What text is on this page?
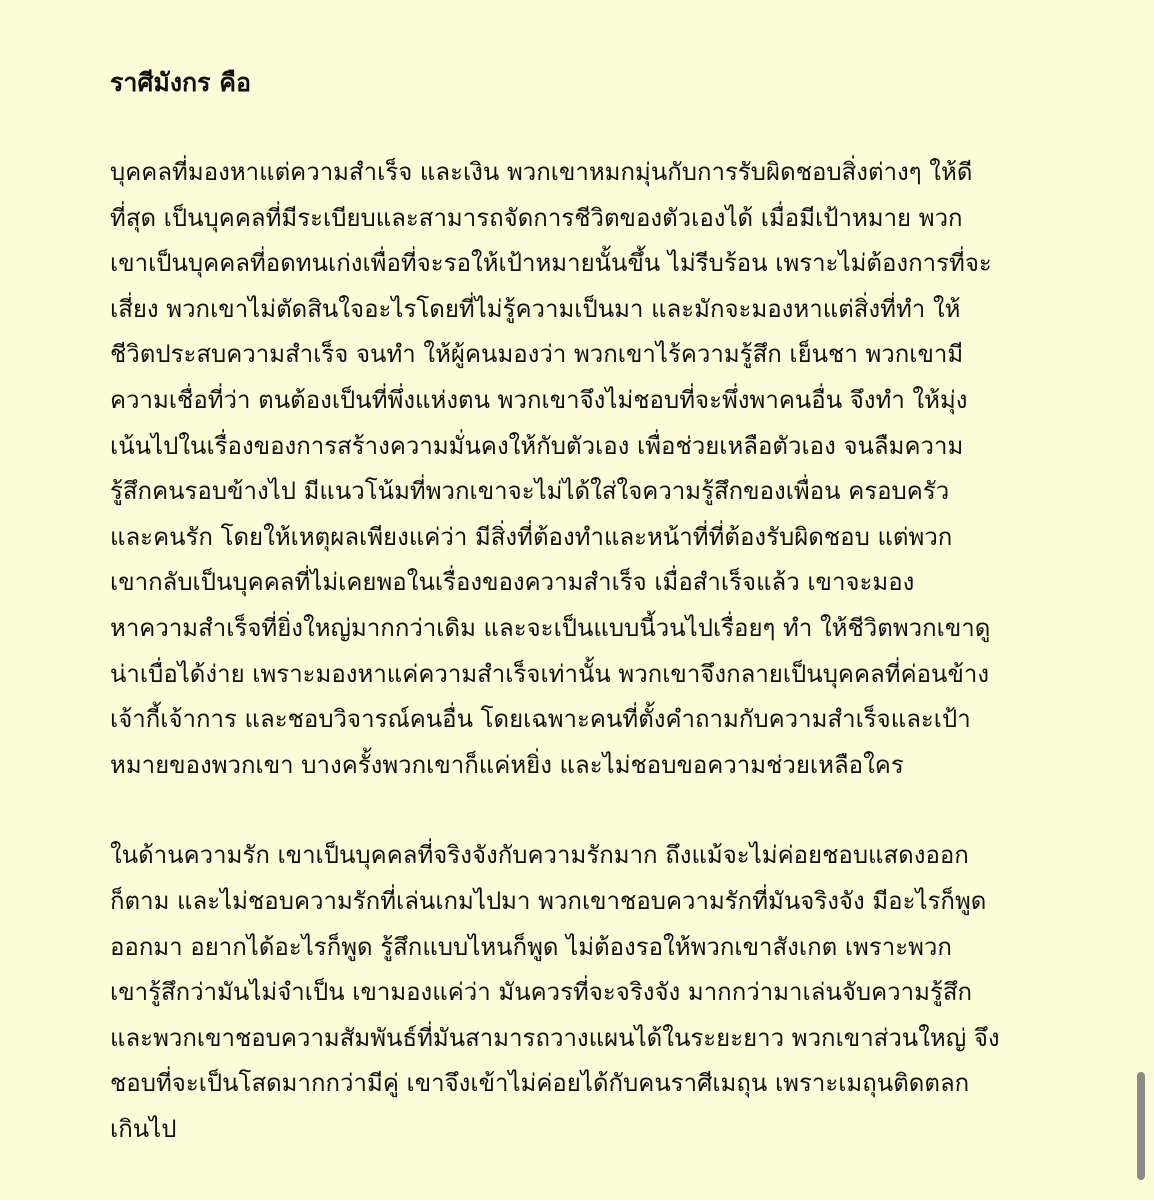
ราศีมังกร คือ

บุคคลที่มองหาแต่ความสำเร็จ และเงิน พวกเขาหมกมุ่นกับการรับผิดชอบสิ่งต่างๆ ให้ดี
ที่สุด เป็นบุคคลที่มีระเบียบและสามารถจัดการชีวิตของตัวเองได้ เมื่อมีเป้าหมาย พวก
เขาเป็นบุคคลที่อดทนเก่งเพื่อที่จะรอให้เป้าหมายนั้นขึ้น ไม่รีบร้อน เพราะไม่ต้องการที่จะ
เสี่ยง พวกเขาไม่ตัดสินใจอะไรโดยที่ไม่รู้ความเป็นมา และมักจะมองหาแต่สิ่งที่ทำ ให้
ชีวิตประสบความสำเร็จ จนทำ ให้ผู้คนมองว่า พวกเขาไร้ความรู้สึก เย็นชา พวกเขามี
ความเชื่อที่ว่า ตนต้องเป็นที่พึ่งแห่งตน พวกเขาจึงไม่ชอบที่จะพึ่งพาคนอื่น จึงทำ ให้มุ่ง
เน้นไปในเรื่องของการสร้างความมั่นคงให้กับตัวเอง เพื่อช่วยเหลือตัวเอง จนลืมความ
รู้สึกคนรอบข้างไป มีแนวโน้มที่พวกเขาจะไม่ได้ใส่ใจความรู้สึกของเพื่อน ครอบครัว
และคนรัก โดยให้เหตุผลเพียงแค่ว่า มีสิ่งที่ต้องทำและหน้าที่ที่ต้องรับผิดชอบ แต่พวก
เขากลับเป็นบุคคลที่ไม่เคยพอในเรื่องของความสำเร็จ เมื่อสำเร็จแล้ว เขาจะมอง
หาความสำเร็จที่ยิ่งใหญ่มากกว่าเดิม และจะเป็นแบบนี้วนไปเรื่อยๆ ทำ ให้ชีวิตพวกเขาดู
น่าเบื่อได้ง่าย เพราะมองหาแค่ความสำเร็จเท่านั้น พวกเขาจึงกลายเป็นบุคคลที่ค่อนข้าง
เจ้ากี้เจ้าการ และชอบวิจารณ์คนอื่น โดยเฉพาะคนที่ตั้งคำถามกับความสำเร็จและเป้า
หมายของพวกเขา บางครั้งพวกเขาก็แค่หยิ่ง และไม่ชอบขอความช่วยเหลือใคร

ในด้านความรัก เขาเป็นบุคคลที่จริงจังกับความรักมาก ถึงแม้จะไม่ค่อยชอบแสดงออก
ก็ตาม และไม่ชอบความรักที่เล่นเกมไปมา พวกเขาชอบความรักที่มันจริงจัง มีอะไรก็พูด
ออกมา อยากได้อะไรก็พูด รู้สึกแบบไหนก็พูด ไม่ต้องรอให้พวกเขาสังเกต เพราะพวก
เขารู้สึกว่ามันไม่จำเป็น เขามองแค่ว่า มันควรที่จะจริงจัง มากกว่ามาเล่นจับความรู้สึก
และพวกเขาชอบความสัมพันธ์ที่มันสามารถวางแผนได้ในระยะยาว พวกเขาส่วนใหญ่ จึง
ชอบที่จะเป็นโสดมากกว่ามีคู่ เขาจึงเข้าไม่ค่อยได้กับคนราศีเมถุน เพราะเมถุนติดตลก
เกินไป
